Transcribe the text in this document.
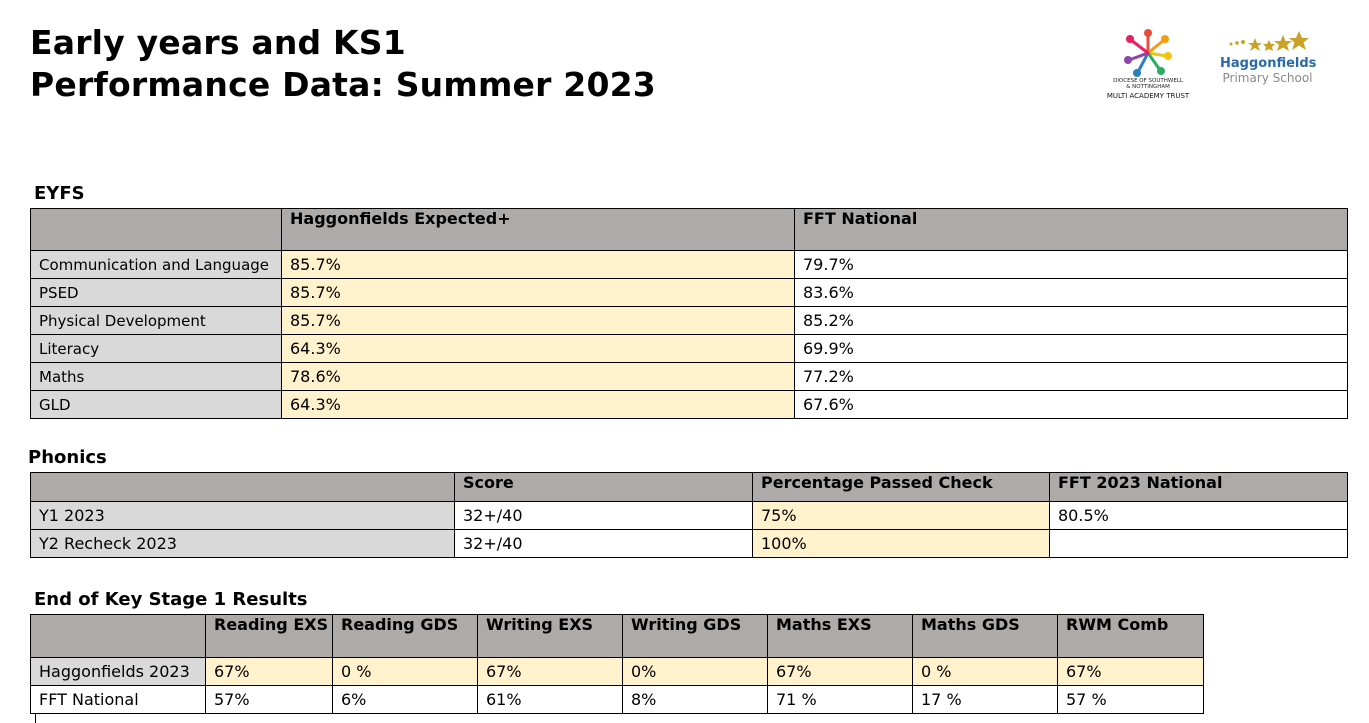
Early years and KS1
Performance Data: Summer 2023	DIOCESE OF SOUTHWELL
& NOTTINGHAM
MULTI ACADEMY TRUST
Haggonfields
Primary School
EYFS
	Haggonfields Expected+	FFT National
Communication and Language	85.7%	79.7%
PSED	85.7%	83.6%
Physical Development	85.7%	85.2%
Literacy	64.3%	69.9%
Maths	78.6%	77.2%
GLD	64.3%	67.6%
Phonics
	Score	Percentage Passed Check	FFT 2023 National
Y1 2023	32+/40	75%	80.5%
Y2 Recheck 2023	32+/40	100%	
End of Key Stage 1 Results
	Reading EXS	Reading GDS	Writing EXS	Writing GDS	Maths EXS	Maths GDS	RWM Comb
Haggonfields 2023	67%	0 %	67%	0%	67%	0 %	67%
FFT National	57%	6%	61%	8%	71 %	17 %	57 %
